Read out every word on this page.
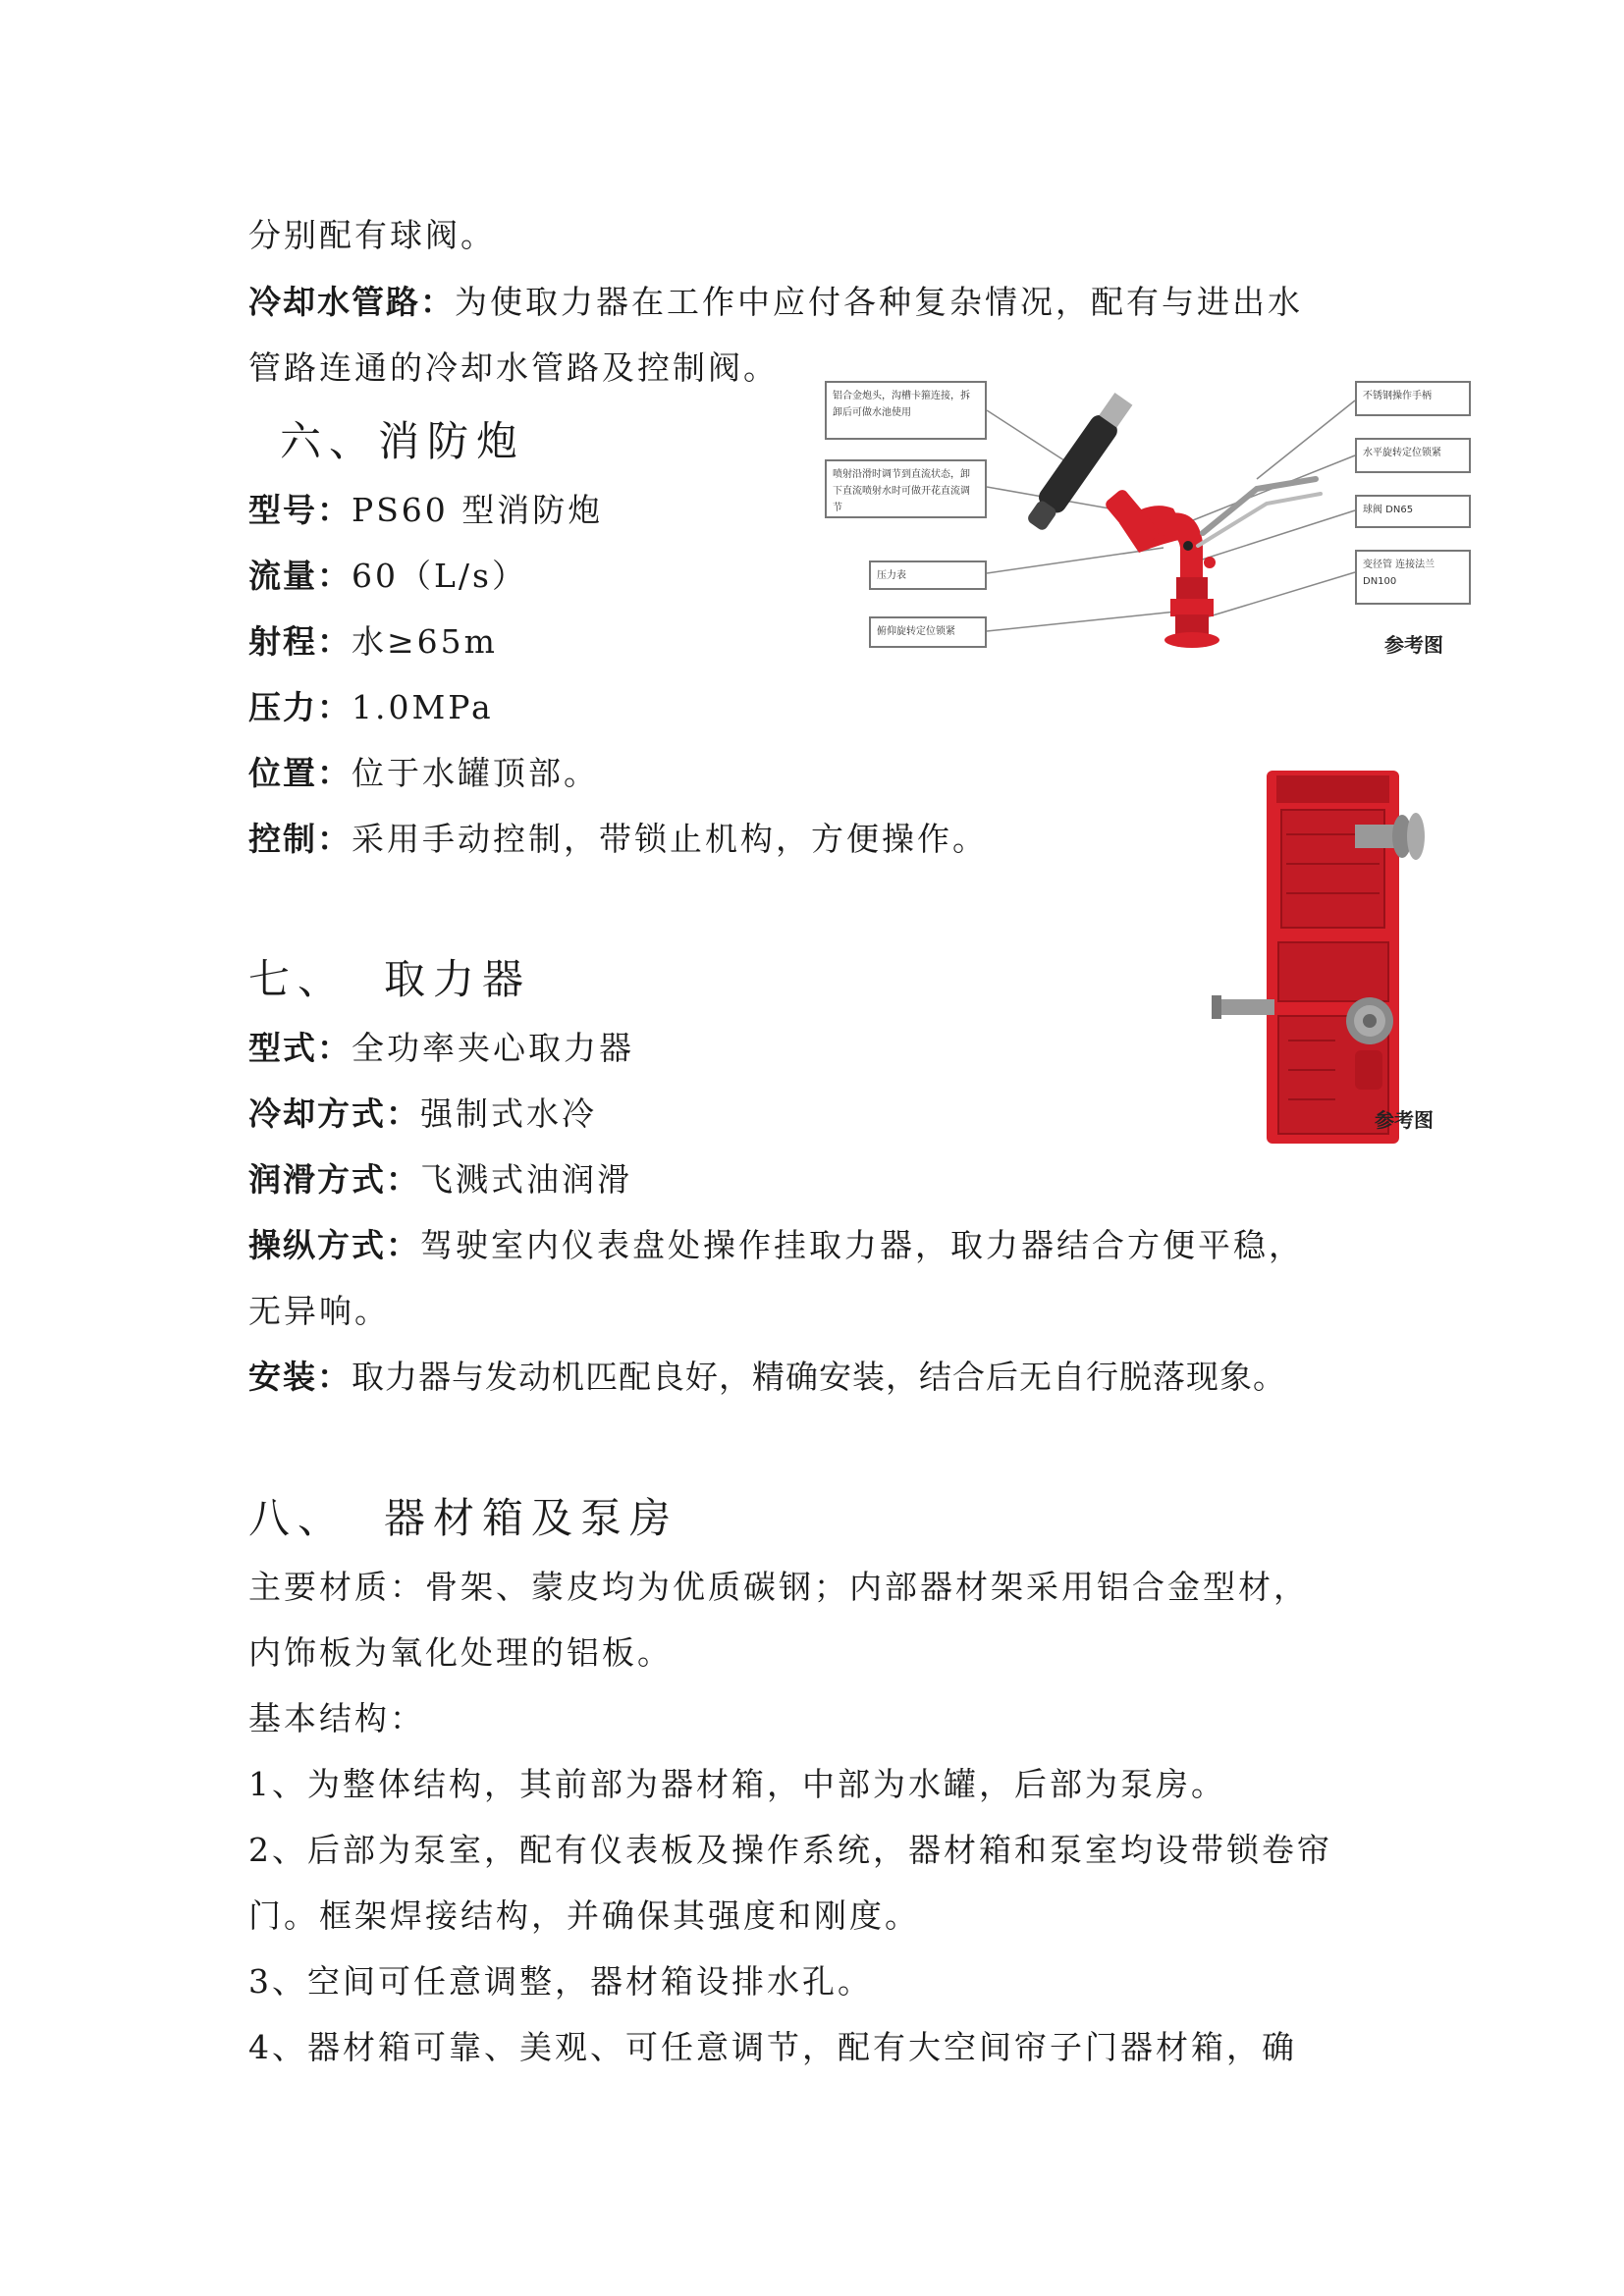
分别配有球阀。
冷却水管路：为使取力器在工作中应付各种复杂情况，配有与进出水
管路连通的冷却水管路及控制阀。
六、消防炮
型号：PS60 型消防炮
流量：60（L/s）
射程：水≥65m
压力：1.0MPa
位置：位于水罐顶部。
控制：采用手动控制，带锁止机构，方便操作。
铝合金炮头，沟槽卡箍连接，拆卸后可做水池使用
喷射沿滑时调节到直流状态，卸下直流喷射水时可做开花直流调节
压力表
俯仰旋转定位锁紧
不锈钢操作手柄
水平旋转定位锁紧
球阀 DN65
变径管 连接法兰 DN100
参考图
七、 取力器
型式：全功率夹心取力器
冷却方式：强制式水冷
润滑方式：飞溅式油润滑
操纵方式：驾驶室内仪表盘处操作挂取力器，取力器结合方便平稳，
无异响。
安装：取力器与发动机匹配良好，精确安装，结合后无自行脱落现象。
参考图
八、 器材箱及泵房
主要材质：骨架、蒙皮均为优质碳钢；内部器材架采用铝合金型材，
内饰板为氧化处理的铝板。
基本结构：
1、为整体结构，其前部为器材箱，中部为水罐，后部为泵房。
2、后部为泵室，配有仪表板及操作系统，器材箱和泵室均设带锁卷帘
门。框架焊接结构，并确保其强度和刚度。
3、空间可任意调整，器材箱设排水孔。
4、器材箱可靠、美观、可任意调节，配有大空间帘子门器材箱，确
